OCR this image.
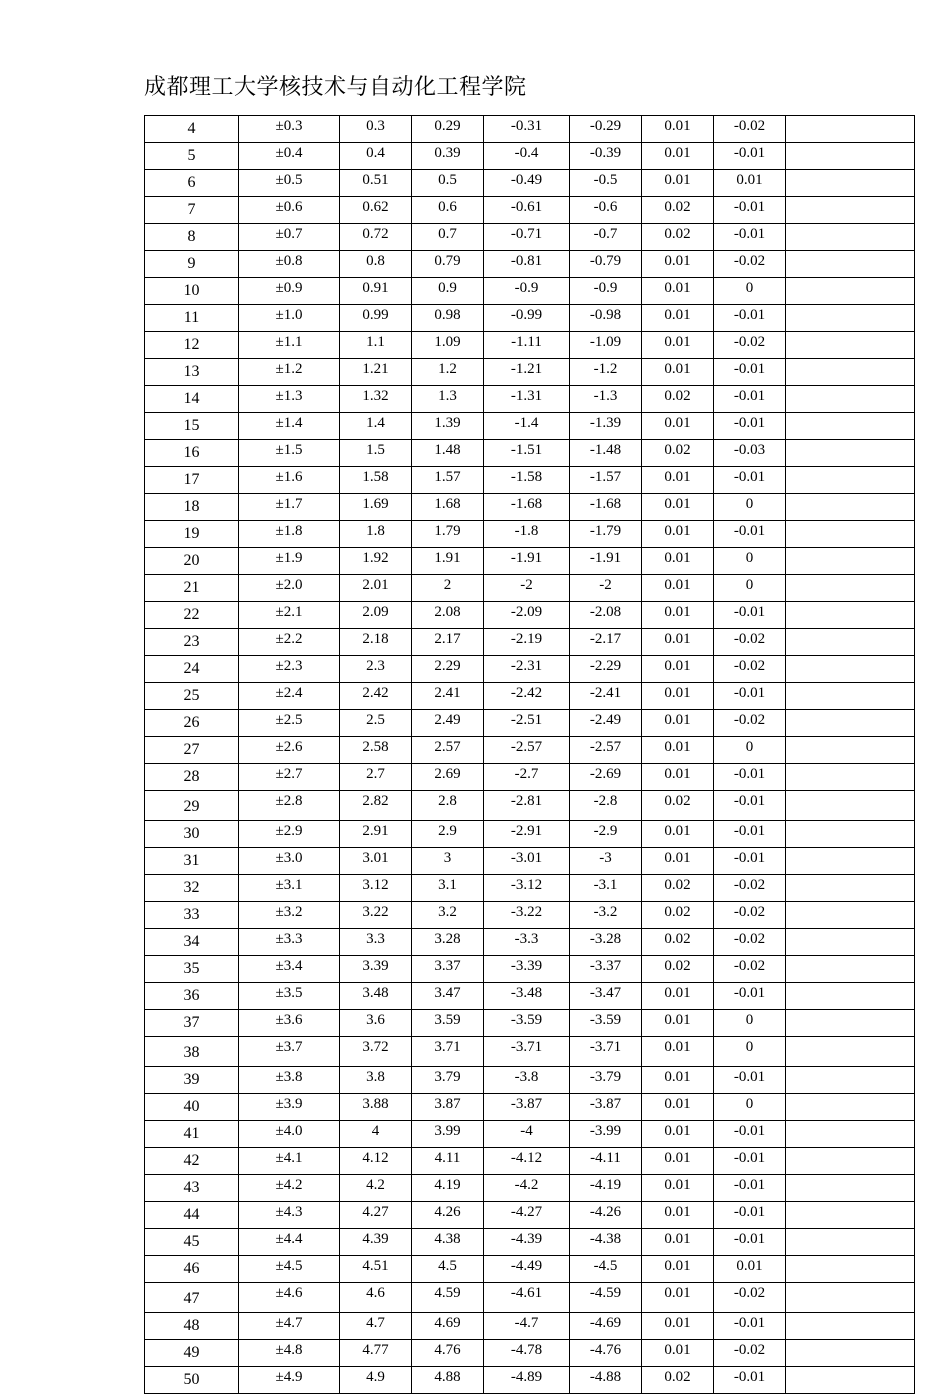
成都理工大学核技术与自动化工程学院
4	±0.3	0.3	0.29	-0.31	-0.29	0.01	-0.02	
5	±0.4	0.4	0.39	-0.4	-0.39	0.01	-0.01	
6	±0.5	0.51	0.5	-0.49	-0.5	0.01	0.01	
7	±0.6	0.62	0.6	-0.61	-0.6	0.02	-0.01	
8	±0.7	0.72	0.7	-0.71	-0.7	0.02	-0.01	
9	±0.8	0.8	0.79	-0.81	-0.79	0.01	-0.02	
10	±0.9	0.91	0.9	-0.9	-0.9	0.01	0	
11	±1.0	0.99	0.98	-0.99	-0.98	0.01	-0.01	
12	±1.1	1.1	1.09	-1.11	-1.09	0.01	-0.02	
13	±1.2	1.21	1.2	-1.21	-1.2	0.01	-0.01	
14	±1.3	1.32	1.3	-1.31	-1.3	0.02	-0.01	
15	±1.4	1.4	1.39	-1.4	-1.39	0.01	-0.01	
16	±1.5	1.5	1.48	-1.51	-1.48	0.02	-0.03	
17	±1.6	1.58	1.57	-1.58	-1.57	0.01	-0.01	
18	±1.7	1.69	1.68	-1.68	-1.68	0.01	0	
19	±1.8	1.8	1.79	-1.8	-1.79	0.01	-0.01	
20	±1.9	1.92	1.91	-1.91	-1.91	0.01	0	
21	±2.0	2.01	2	-2	-2	0.01	0	
22	±2.1	2.09	2.08	-2.09	-2.08	0.01	-0.01	
23	±2.2	2.18	2.17	-2.19	-2.17	0.01	-0.02	
24	±2.3	2.3	2.29	-2.31	-2.29	0.01	-0.02	
25	±2.4	2.42	2.41	-2.42	-2.41	0.01	-0.01	
26	±2.5	2.5	2.49	-2.51	-2.49	0.01	-0.02	
27	±2.6	2.58	2.57	-2.57	-2.57	0.01	0	
28	±2.7	2.7	2.69	-2.7	-2.69	0.01	-0.01	
29	±2.8	2.82	2.8	-2.81	-2.8	0.02	-0.01	
30	±2.9	2.91	2.9	-2.91	-2.9	0.01	-0.01	
31	±3.0	3.01	3	-3.01	-3	0.01	-0.01	
32	±3.1	3.12	3.1	-3.12	-3.1	0.02	-0.02	
33	±3.2	3.22	3.2	-3.22	-3.2	0.02	-0.02	
34	±3.3	3.3	3.28	-3.3	-3.28	0.02	-0.02	
35	±3.4	3.39	3.37	-3.39	-3.37	0.02	-0.02	
36	±3.5	3.48	3.47	-3.48	-3.47	0.01	-0.01	
37	±3.6	3.6	3.59	-3.59	-3.59	0.01	0	
38	±3.7	3.72	3.71	-3.71	-3.71	0.01	0	
39	±3.8	3.8	3.79	-3.8	-3.79	0.01	-0.01	
40	±3.9	3.88	3.87	-3.87	-3.87	0.01	0	
41	±4.0	4	3.99	-4	-3.99	0.01	-0.01	
42	±4.1	4.12	4.11	-4.12	-4.11	0.01	-0.01	
43	±4.2	4.2	4.19	-4.2	-4.19	0.01	-0.01	
44	±4.3	4.27	4.26	-4.27	-4.26	0.01	-0.01	
45	±4.4	4.39	4.38	-4.39	-4.38	0.01	-0.01	
46	±4.5	4.51	4.5	-4.49	-4.5	0.01	0.01	
47	±4.6	4.6	4.59	-4.61	-4.59	0.01	-0.02	
48	±4.7	4.7	4.69	-4.7	-4.69	0.01	-0.01	
49	±4.8	4.77	4.76	-4.78	-4.76	0.01	-0.02	
50	±4.9	4.9	4.88	-4.89	-4.88	0.02	-0.01	
